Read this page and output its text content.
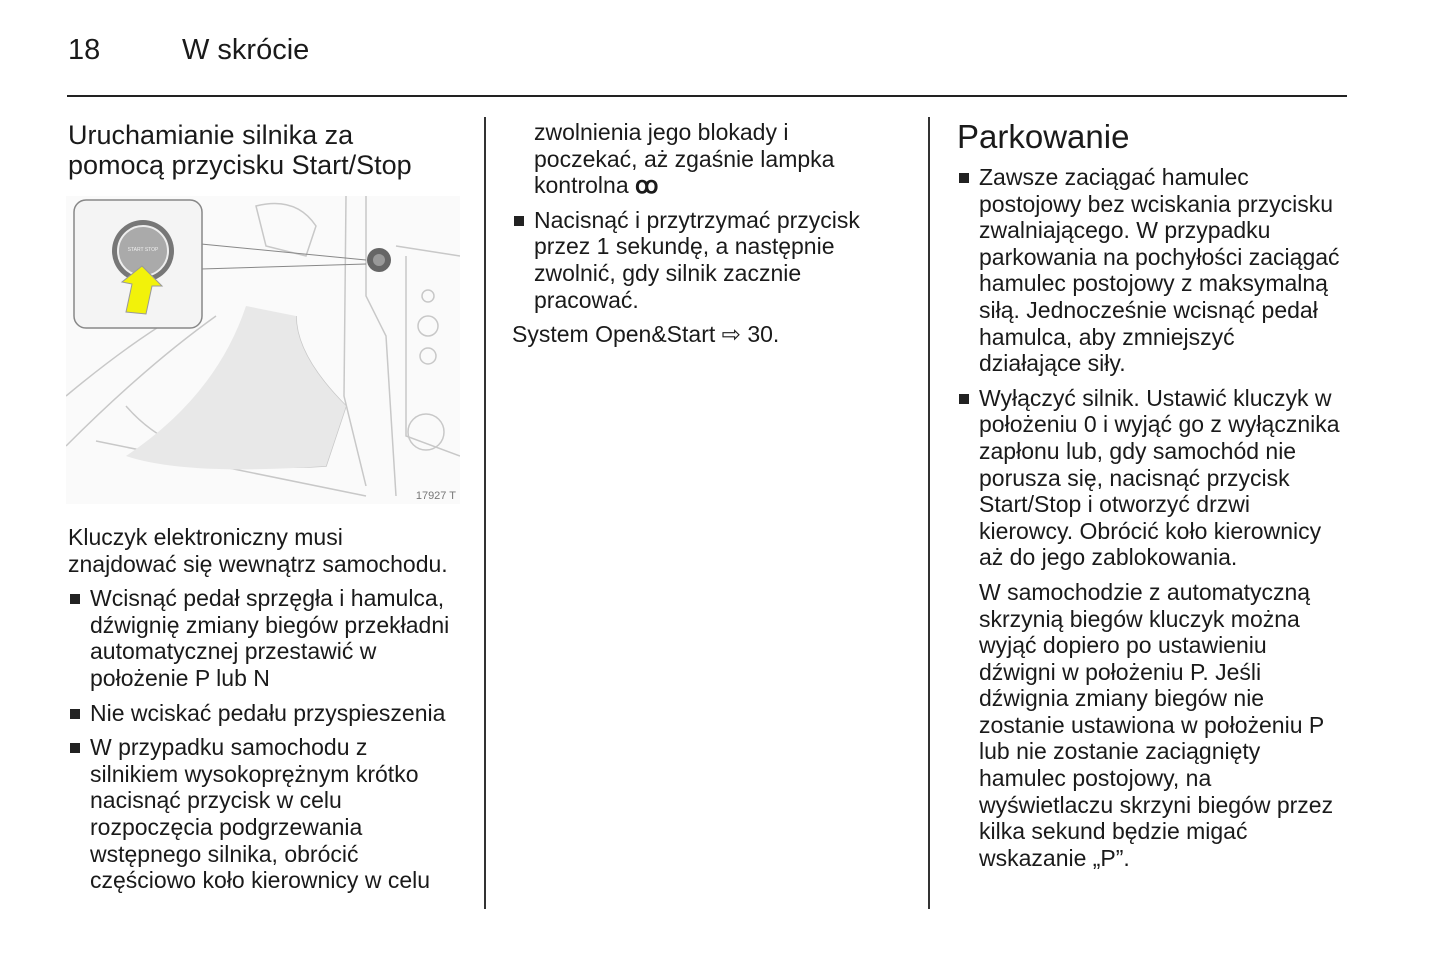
18	W skrócie
Uruchamianie silnika za
pomocą przycisku Start/Stop
START STOP
17927 T
Kluczyk elektroniczny musi
znajdować się wewnątrz samochodu.
Wcisnąć pedał sprzęgła i hamulca,
dźwignię zmiany biegów przekładni
automatycznej przestawić w
położenie P lub N
Nie wciskać pedału przyspieszenia
W przypadku samochodu z
silnikiem wysokoprężnym krótko
nacisnąć przycisk w celu
rozpoczęcia podgrzewania
wstępnego silnika, obrócić
częściowo koło kierownicy w celu
zwolnienia jego blokady i
poczekać, aż zgaśnie lampka
kontrolna ꝏ
Nacisnąć i przytrzymać przycisk
przez 1 sekundę, a następnie
zwolnić, gdy silnik zacznie
pracować.
System Open&Start ⇨ 30.
Parkowanie
Zawsze zaciągać hamulec
postojowy bez wciskania przycisku
zwalniającego. W przypadku
parkowania na pochyłości zaciągać
hamulec postojowy z maksymalną
siłą. Jednocześnie wcisnąć pedał
hamulca, aby zmniejszyć
działające siły.
Wyłączyć silnik. Ustawić kluczyk w
położeniu 0 i wyjąć go z wyłącznika
zapłonu lub, gdy samochód nie
porusza się, nacisnąć przycisk
Start/Stop i otworzyć drzwi
kierowcy. Obrócić koło kierownicy
aż do jego zablokowania.
W samochodzie z automatyczną
skrzynią biegów kluczyk można
wyjąć dopiero po ustawieniu
dźwigni w położeniu P. Jeśli
dźwignia zmiany biegów nie
zostanie ustawiona w położeniu P
lub nie zostanie zaciągnięty
hamulec postojowy, na
wyświetlaczu skrzyni biegów przez
kilka sekund będzie migać
wskazanie „P”.
